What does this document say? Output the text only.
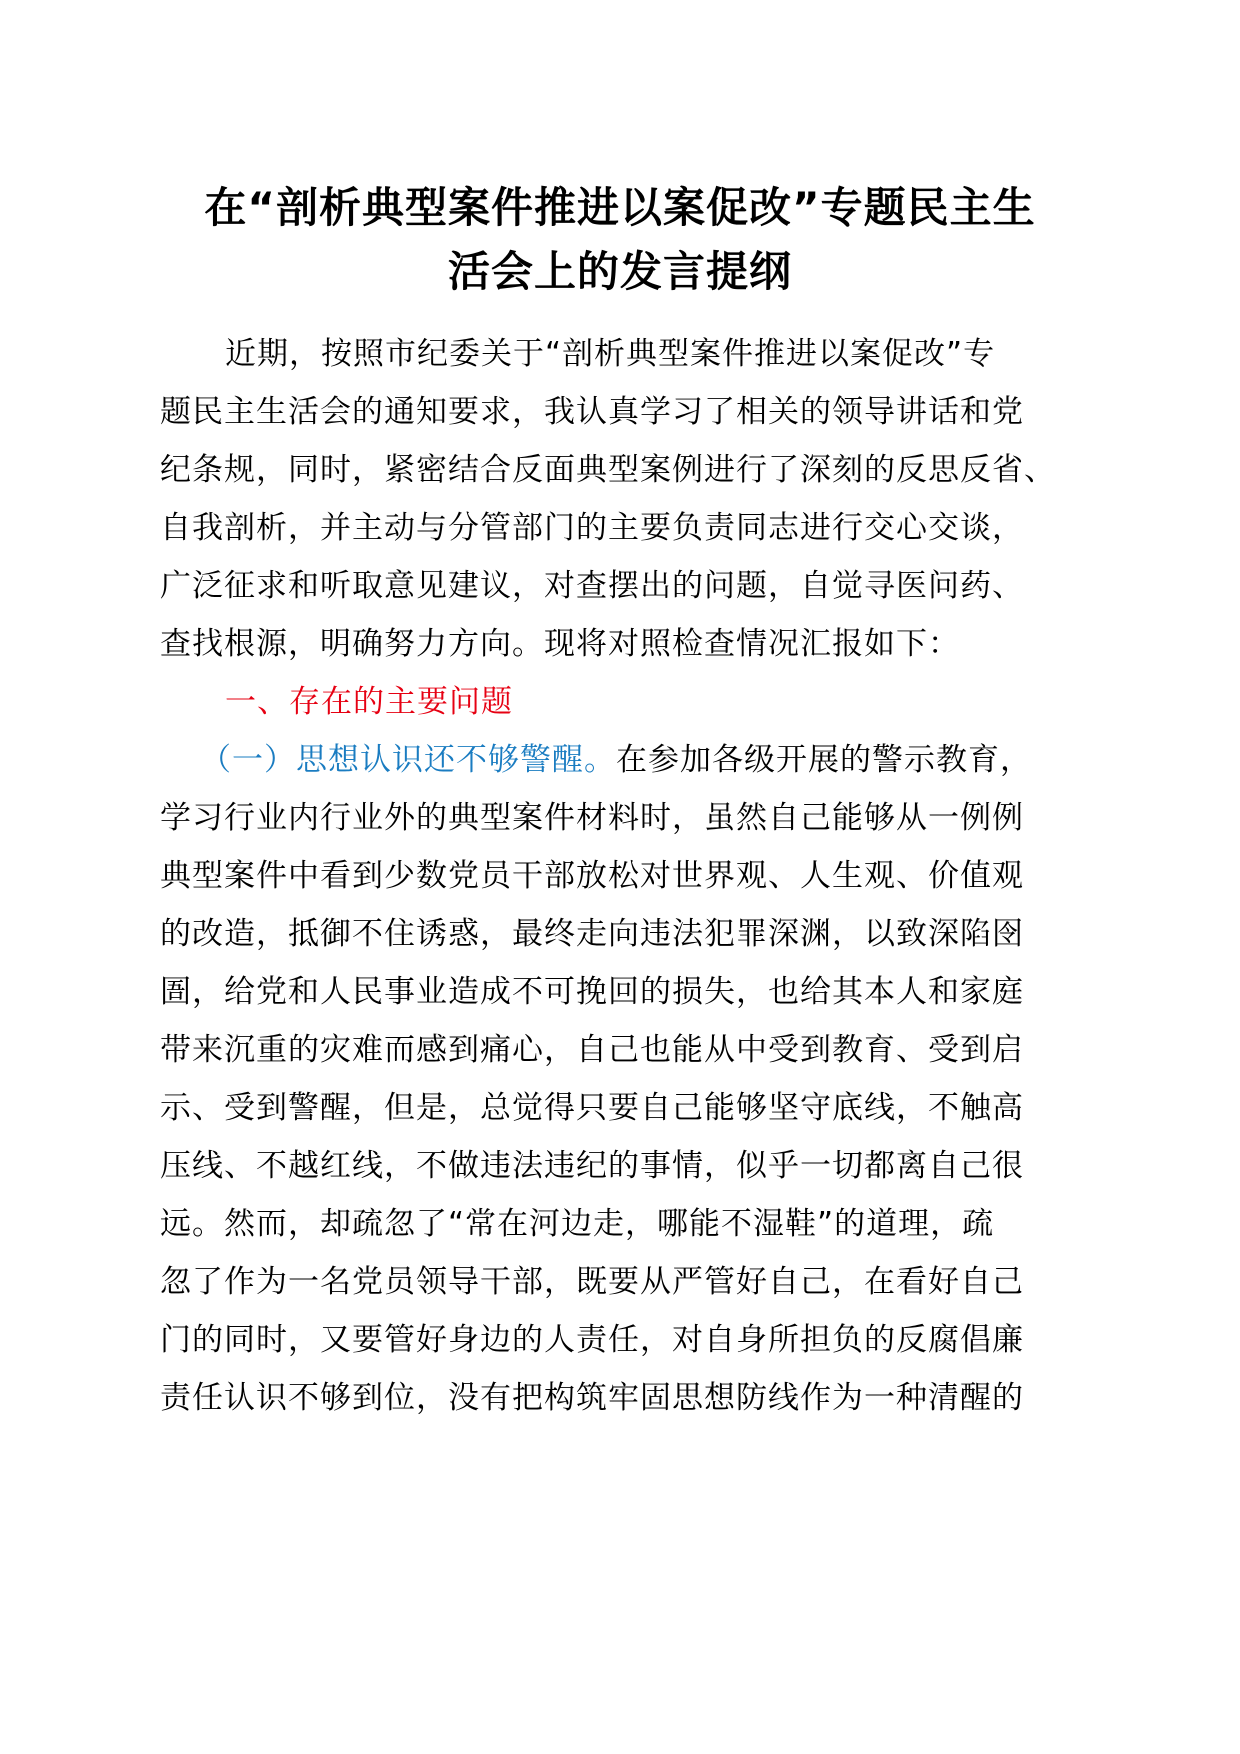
在“剖析典型案件推进以案促改”专题民主生
活会上的发言提纲
近期，按照市纪委关于“剖析典型案件推进以案促改”专
题民主生活会的通知要求，我认真学习了相关的领导讲话和党
纪条规，同时，紧密结合反面典型案例进行了深刻的反思反省、
自我剖析，并主动与分管部门的主要负责同志进行交心交谈，
广泛征求和听取意见建议，对查摆出的问题，自觉寻医问药、
查找根源，明确努力方向。现将对照检查情况汇报如下：
一、存在的主要问题
（一）思想认识还不够警醒。在参加各级开展的警示教育，
学习行业内行业外的典型案件材料时，虽然自己能够从一例例
典型案件中看到少数党员干部放松对世界观、人生观、价值观
的改造，抵御不住诱惑，最终走向违法犯罪深渊，以致深陷囹
圄，给党和人民事业造成不可挽回的损失，也给其本人和家庭
带来沉重的灾难而感到痛心，自己也能从中受到教育、受到启
示、受到警醒，但是，总觉得只要自己能够坚守底线，不触高
压线、不越红线，不做违法违纪的事情，似乎一切都离自己很
远。然而，却疏忽了“常在河边走，哪能不湿鞋”的道理，疏
忽了作为一名党员领导干部，既要从严管好自己，在看好自己
门的同时，又要管好身边的人责任，对自身所担负的反腐倡廉
责任认识不够到位，没有把构筑牢固思想防线作为一种清醒的
